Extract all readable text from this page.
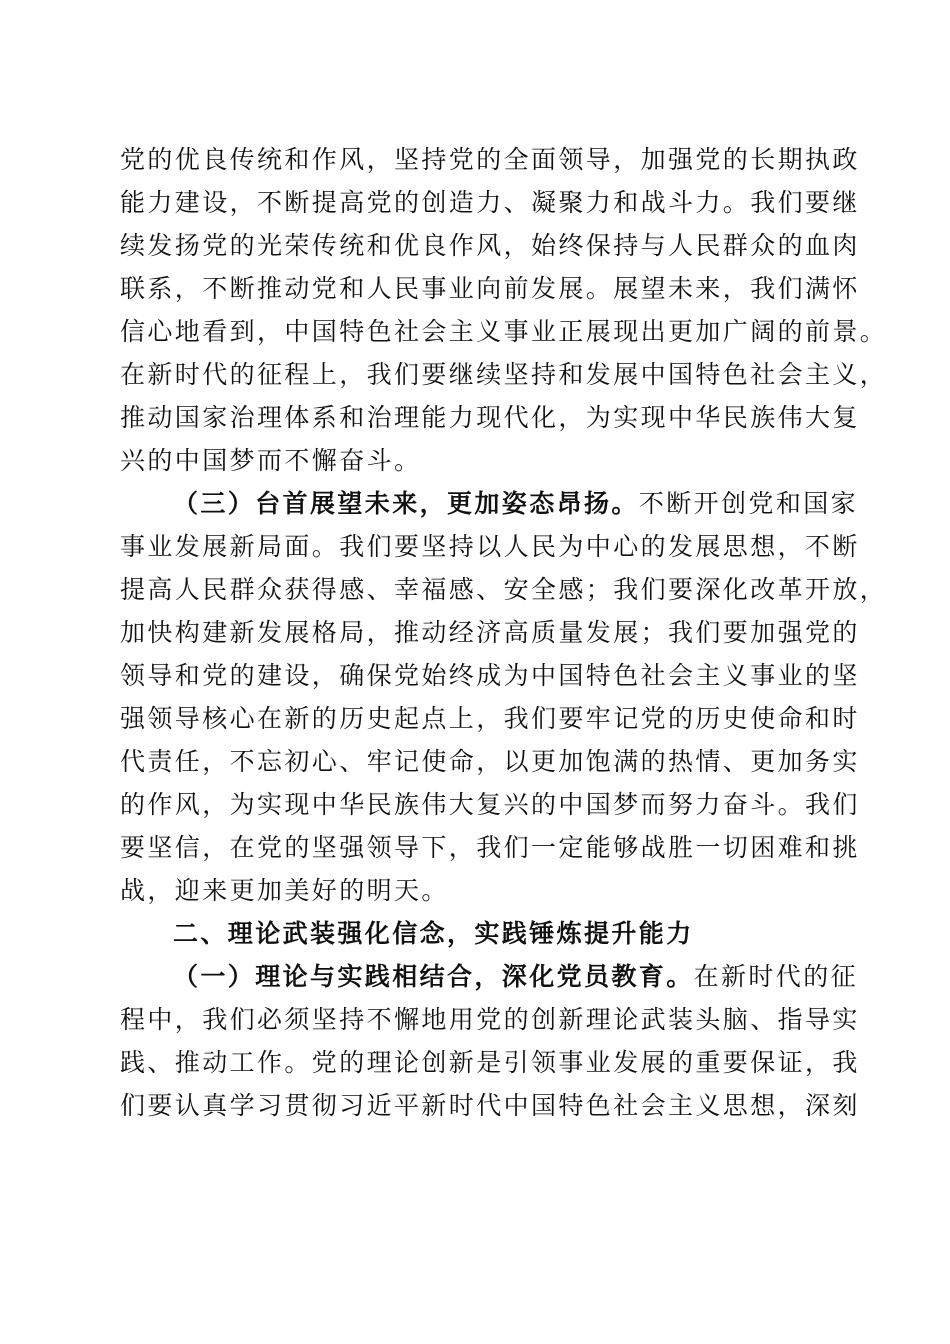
党的优良传统和作风，坚持党的全面领导，加强党的长期执政
能力建设，不断提高党的创造力、凝聚力和战斗力。我们要继
续发扬党的光荣传统和优良作风，始终保持与人民群众的血肉
联系，不断推动党和人民事业向前发展。展望未来，我们满怀
信心地看到，中国特色社会主义事业正展现出更加广阔的前景。
在新时代的征程上，我们要继续坚持和发展中国特色社会主义，
推动国家治理体系和治理能力现代化，为实现中华民族伟大复
兴的中国梦而不懈奋斗。
（三）台首展望未来，更加姿态昂扬。不断开创党和国家
事业发展新局面。我们要坚持以人民为中心的发展思想，不断
提高人民群众获得感、幸福感、安全感；我们要深化改革开放，
加快构建新发展格局，推动经济高质量发展；我们要加强党的
领导和党的建设，确保党始终成为中国特色社会主义事业的坚
强领导核心在新的历史起点上，我们要牢记党的历史使命和时
代责任，不忘初心、牢记使命，以更加饱满的热情、更加务实
的作风，为实现中华民族伟大复兴的中国梦而努力奋斗。我们
要坚信，在党的坚强领导下，我们一定能够战胜一切困难和挑
战，迎来更加美好的明天。
二、理论武装强化信念，实践锤炼提升能力
（一）理论与实践相结合，深化党员教育。在新时代的征
程中，我们必须坚持不懈地用党的创新理论武装头脑、指导实
践、推动工作。党的理论创新是引领事业发展的重要保证，我
们要认真学习贯彻习近平新时代中国特色社会主义思想，深刻
